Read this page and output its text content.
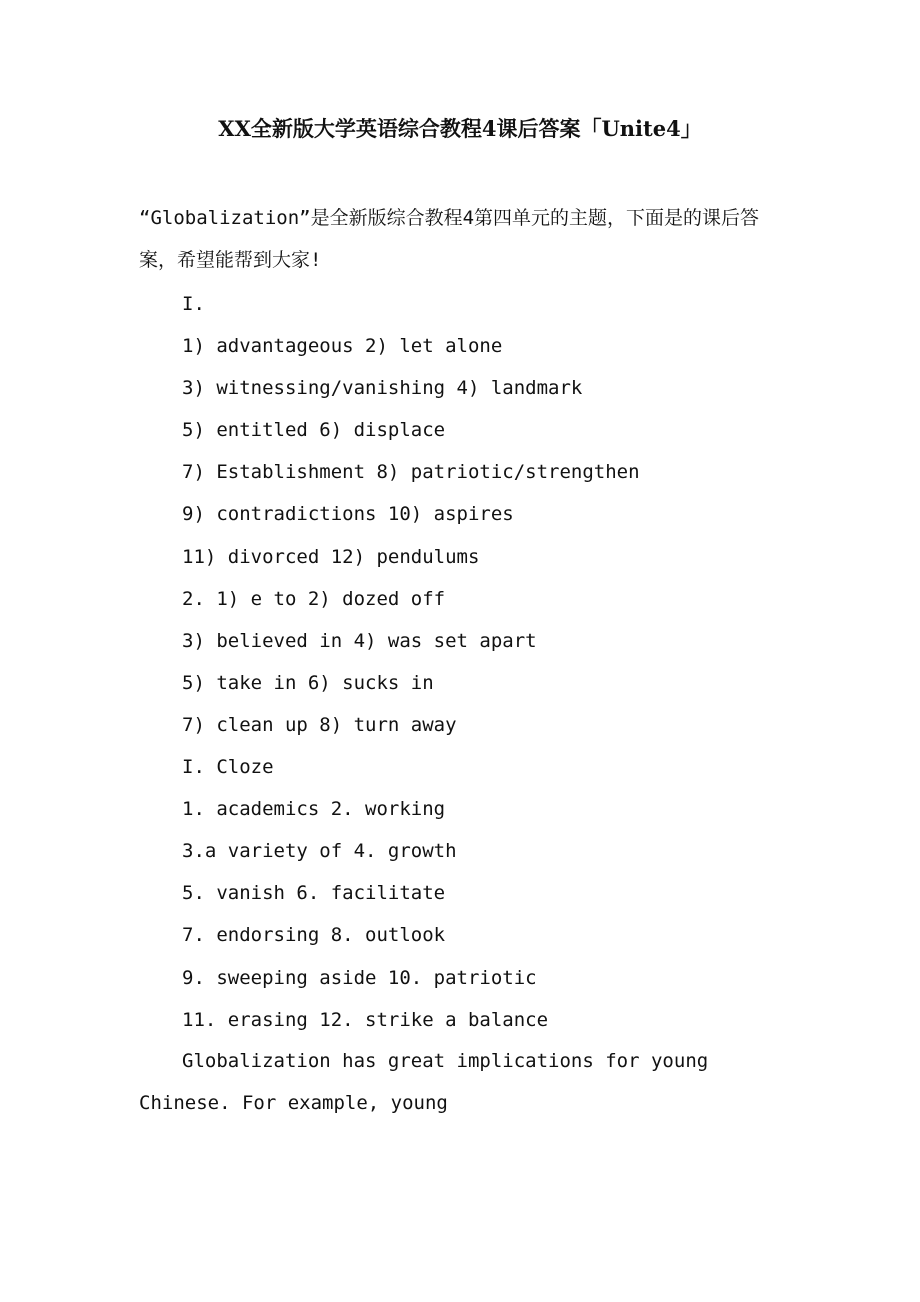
XX全新版大学英语综合教程4课后答案「Unite4」

“Globalization”是全新版综合教程4第四单元的主题，下面是的课后答案，希望能帮到大家!

I.
1) advantageous 2) let alone
3) witnessing/vanishing 4) landmark
5) entitled 6) displace
7) Establishment 8) patriotic/strengthen
9) contradictions 10) aspires
11) divorced 12) pendulums
2. 1) e to 2) dozed off
3) believed in 4) was set apart
5) take in 6) sucks in
7) clean up 8) turn away
I. Cloze
1. academics 2. working
3.a variety of 4. growth
5. vanish 6. facilitate
7. endorsing 8. outlook
9. sweeping aside 10. patriotic
11. erasing 12. strike a balance

Globalization has great implications for young Chinese. For example, young
